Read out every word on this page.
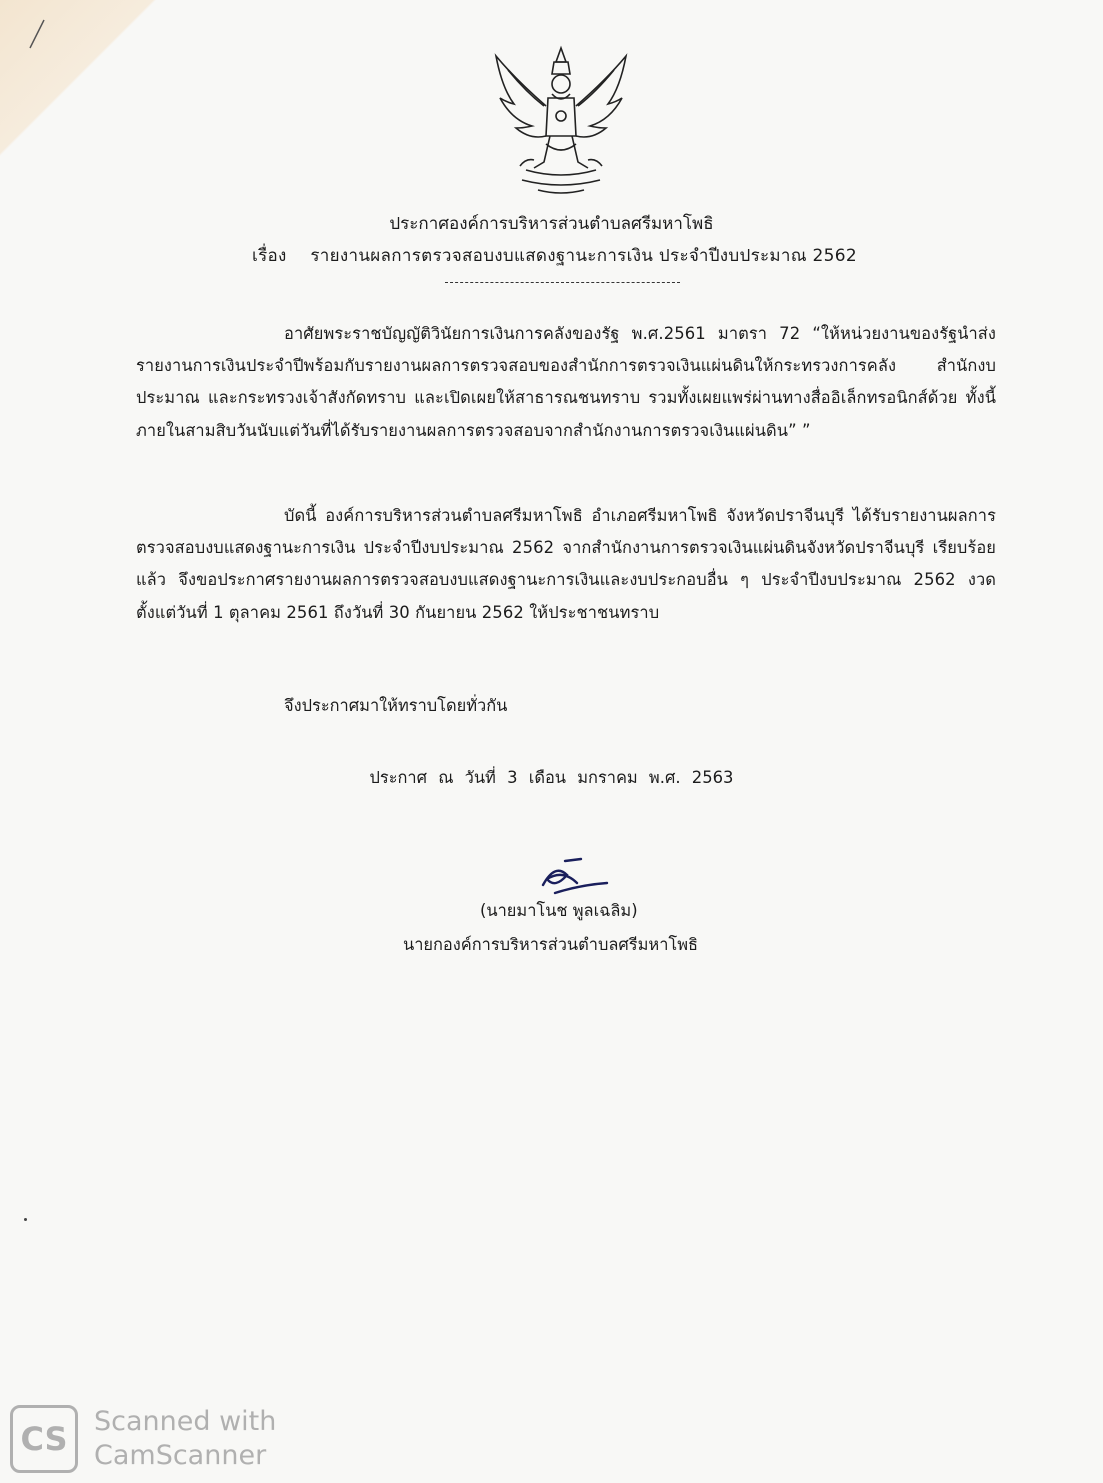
ประกาศองค์การบริหารส่วนตำบลศรีมหาโพธิ
เรื่อง รายงานผลการตรวจสอบงบแสดงฐานะการเงิน ประจำปีงบประมาณ 2562

อาศัยพระราชบัญญัติวินัยการเงินการคลังของรัฐ พ.ศ.2561 มาตรา 72 “ให้หน่วยงานของรัฐนำส่งรายงานการเงินประจำปีพร้อมกับรายงานผลการตรวจสอบของสำนักการตรวจเงินแผ่นดินให้กระทรวงการคลัง สำนักงบประมาณ และกระทรวงเจ้าสังกัดทราบ และเปิดเผยให้สาธารณชนทราบ รวมทั้งเผยแพร่ผ่านทางสื่ออิเล็กทรอนิกส์ด้วย ทั้งนี้ภายในสามสิบวันนับแต่วันที่ได้รับรายงานผลการตรวจสอบจากสำนักงานการตรวจเงินแผ่นดิน” ”

บัดนี้ องค์การบริหารส่วนตำบลศรีมหาโพธิ อำเภอศรีมหาโพธิ จังหวัดปราจีนบุรี ได้รับรายงานผลการตรวจสอบงบแสดงฐานะการเงิน ประจำปีงบประมาณ 2562 จากสำนักงานการตรวจเงินแผ่นดินจังหวัดปราจีนบุรี เรียบร้อยแล้ว จึงขอประกาศรายงานผลการตรวจสอบงบแสดงฐานะการเงินและงบประกอบอื่น ๆ ประจำปีงบประมาณ 2562 งวดตั้งแต่วันที่ 1 ตุลาคม 2561 ถึงวันที่ 30 กันยายน 2562 ให้ประชาชนทราบ

จึงประกาศมาให้ทราบโดยทั่วกัน
ประกาศ ณ วันที่ 3 เดือน มกราคม พ.ศ. 2563
(นายมาโนช พูลเฉลิม)
นายกองค์การบริหารส่วนตำบลศรีมหาโพธิ
CS Scanned with
CamScanner
